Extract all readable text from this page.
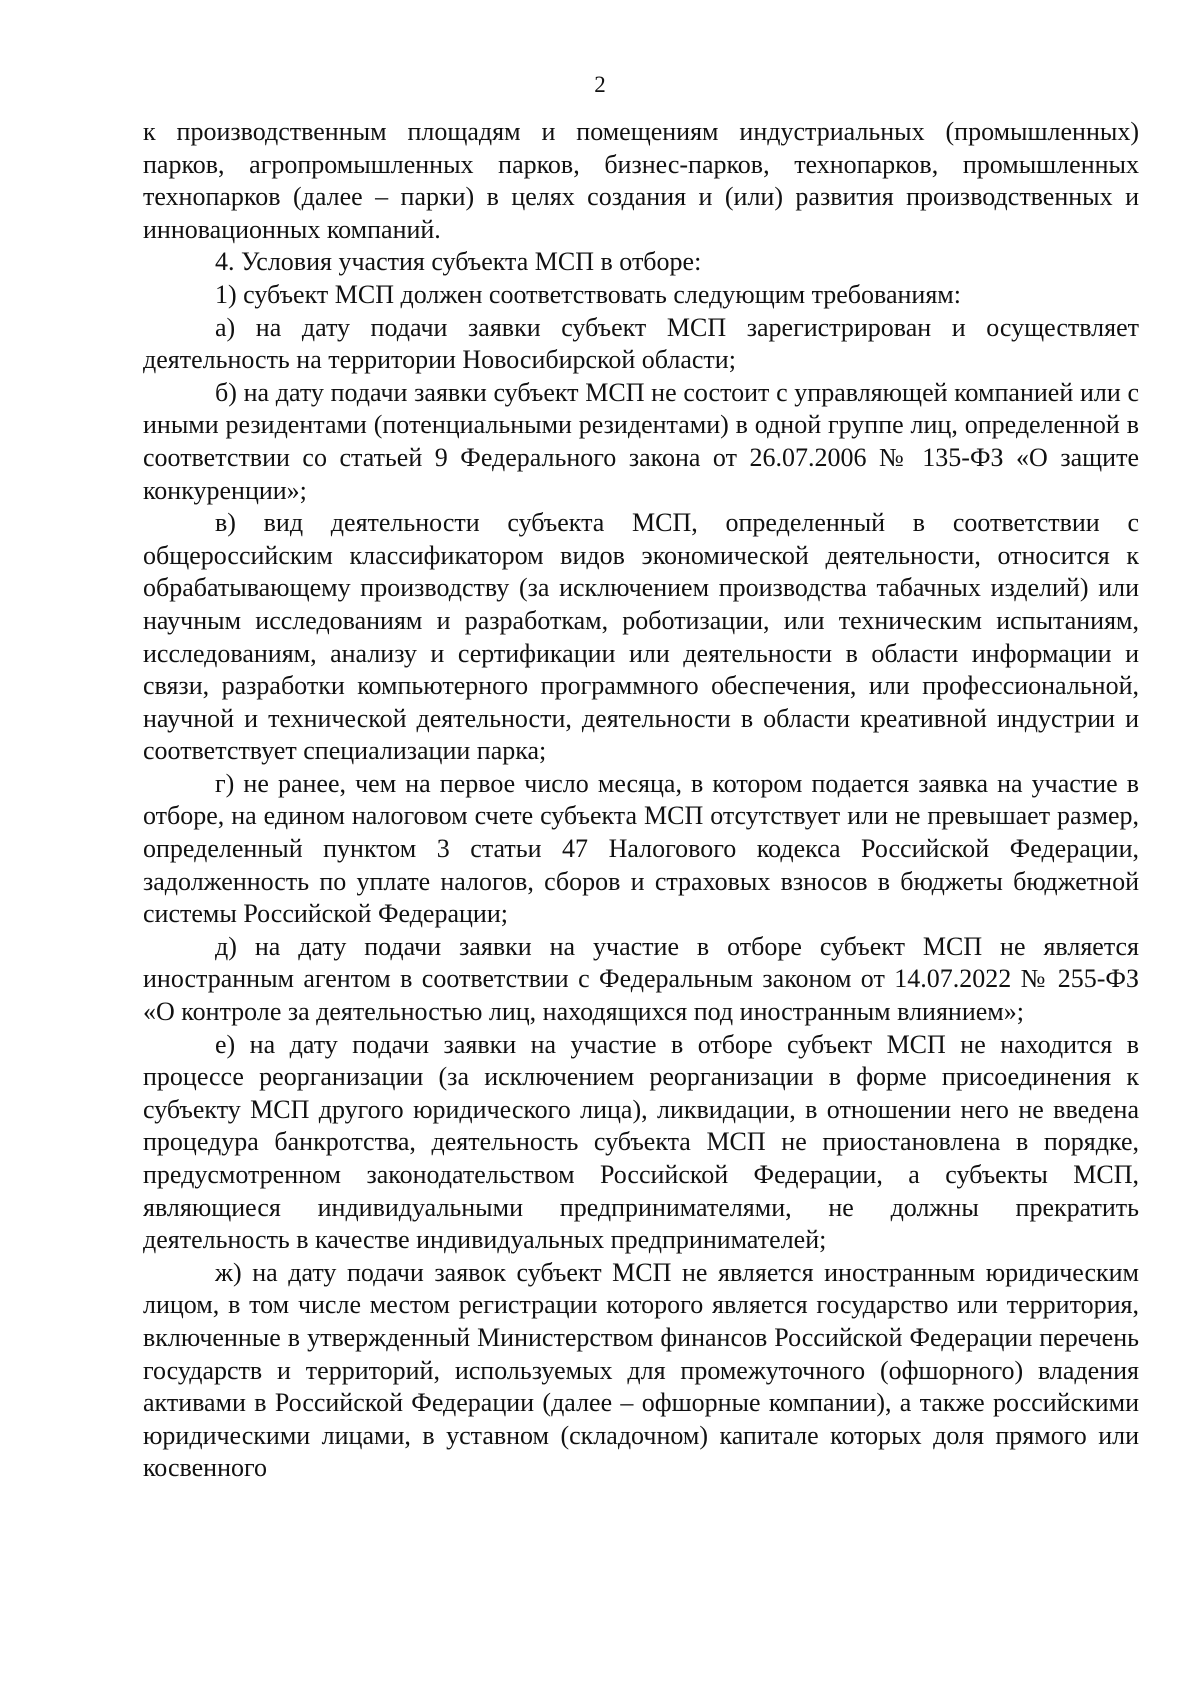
2

к производственным площадям и помещениям индустриальных (промышленных) парков, агропромышленных парков, бизнес-парков, технопарков, промышленных технопарков (далее – парки) в целях создания и (или) развития производственных и инновационных компаний.

4. Условия участия субъекта МСП в отборе:

1) субъект МСП должен соответствовать следующим требованиям:

а) на дату подачи заявки субъект МСП зарегистрирован и осуществляет деятельность на территории Новосибирской области;

б) на дату подачи заявки субъект МСП не состоит с управляющей компанией или с иными резидентами (потенциальными резидентами) в одной группе лиц, определенной в соответствии со статьей 9 Федерального закона от 26.07.2006 № 135-ФЗ «О защите конкуренции»;

в) вид деятельности субъекта МСП, определенный в соответствии с общероссийским классификатором видов экономической деятельности, относится к обрабатывающему производству (за исключением производства табачных изделий) или научным исследованиям и разработкам, роботизации, или техническим испытаниям, исследованиям, анализу и сертификации или деятельности в области информации и связи, разработки компьютерного программного обеспечения, или профессиональной, научной и технической деятельности, деятельности в области креативной индустрии и соответствует специализации парка;

г) не ранее, чем на первое число месяца, в котором подается заявка на участие в отборе, на едином налоговом счете субъекта МСП отсутствует или не превышает размер, определенный пунктом 3 статьи 47 Налогового кодекса Российской Федерации, задолженность по уплате налогов, сборов и страховых взносов в бюджеты бюджетной системы Российской Федерации;

д) на дату подачи заявки на участие в отборе субъект МСП не является иностранным агентом в соответствии с Федеральным законом от 14.07.2022 № 255-ФЗ «О контроле за деятельностью лиц, находящихся под иностранным влиянием»;

е) на дату подачи заявки на участие в отборе субъект МСП не находится в процессе реорганизации (за исключением реорганизации в форме присоединения к субъекту МСП другого юридического лица), ликвидации, в отношении него не введена процедура банкротства, деятельность субъекта МСП не приостановлена в порядке, предусмотренном законодательством Российской Федерации, а субъекты МСП, являющиеся индивидуальными предпринимателями, не должны прекратить деятельность в качестве индивидуальных предпринимателей;

ж) на дату подачи заявок субъект МСП не является иностранным юридическим лицом, в том числе местом регистрации которого является государство или территория, включенные в утвержденный Министерством финансов Российской Федерации перечень государств и территорий, используемых для промежуточного (офшорного) владения активами в Российской Федерации (далее – офшорные компании), а также российскими юридическими лицами, в уставном (складочном) капитале которых доля прямого или косвенного
